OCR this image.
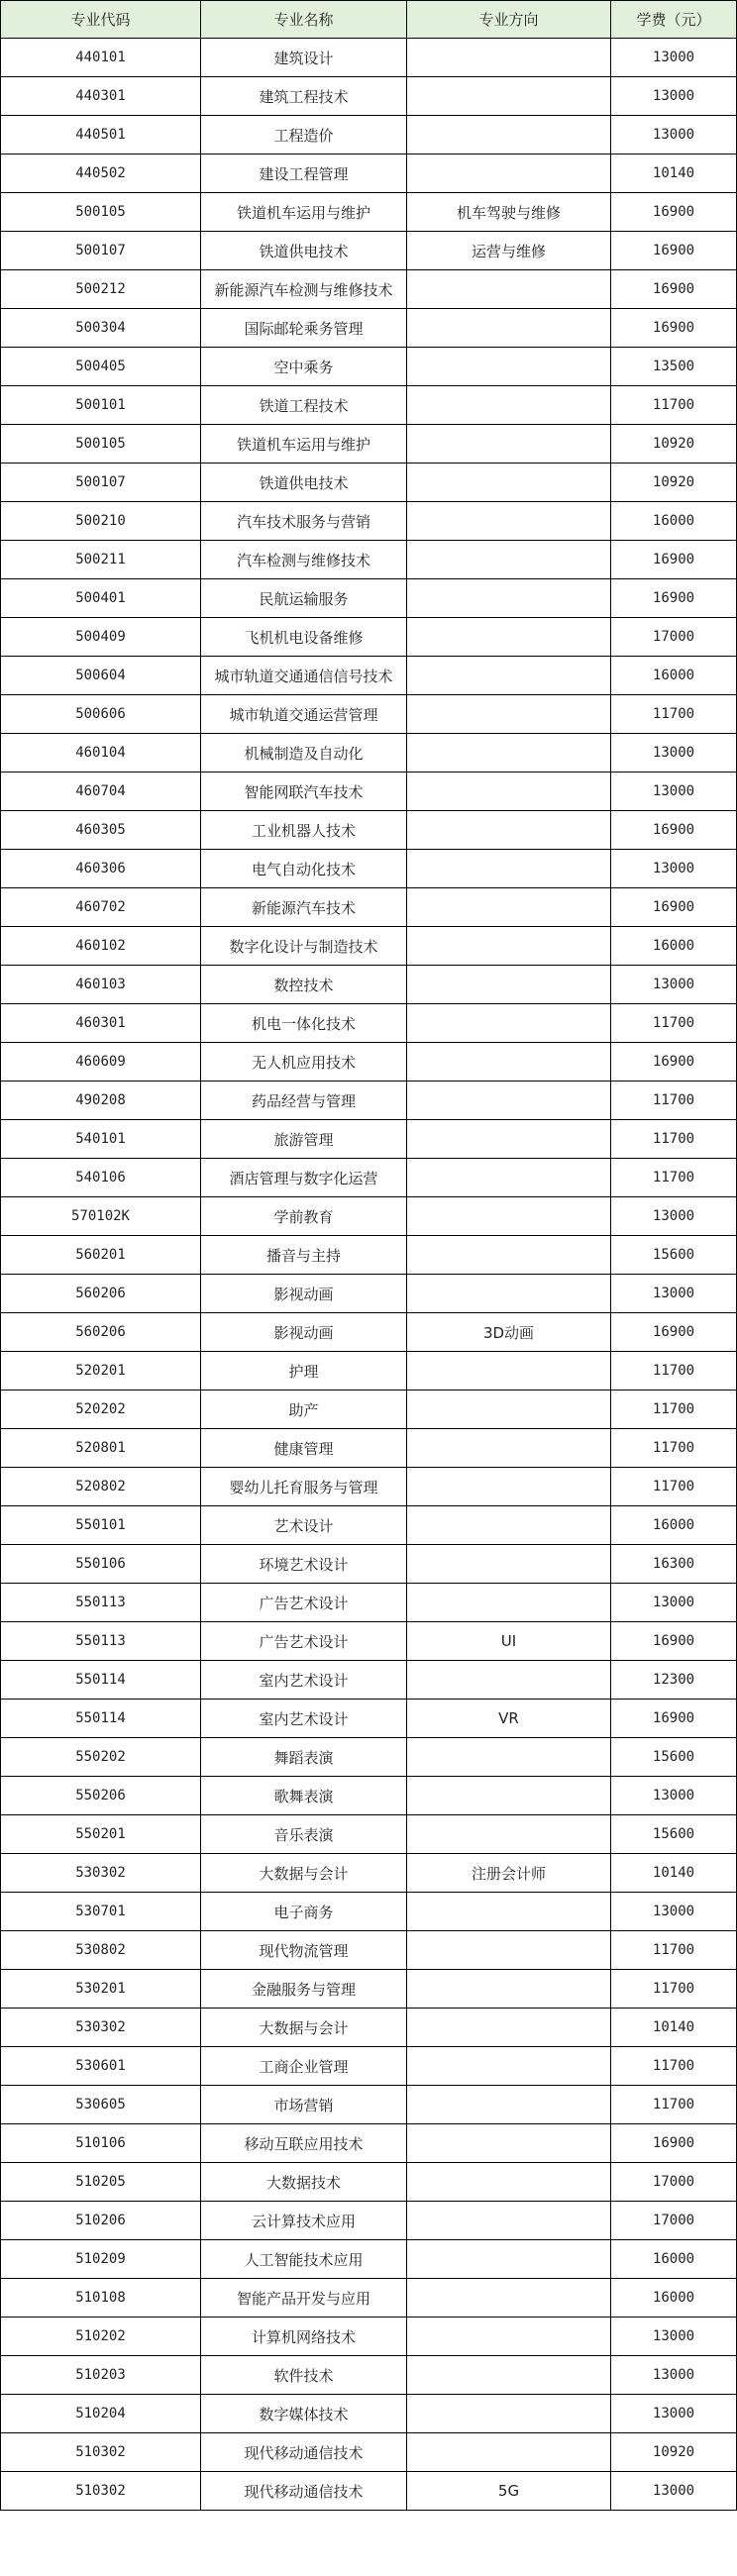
专业代码	专业名称	专业方向	学费（元）
440101	建筑设计		13000
440301	建筑工程技术		13000
440501	工程造价		13000
440502	建设工程管理		10140
500105	铁道机车运用与维护	机车驾驶与维修	16900
500107	铁道供电技术	运营与维修	16900
500212	新能源汽车检测与维修技术		16900
500304	国际邮轮乘务管理		16900
500405	空中乘务		13500
500101	铁道工程技术		11700
500105	铁道机车运用与维护		10920
500107	铁道供电技术		10920
500210	汽车技术服务与营销		16000
500211	汽车检测与维修技术		16900
500401	民航运输服务		16900
500409	飞机机电设备维修		17000
500604	城市轨道交通通信信号技术		16000
500606	城市轨道交通运营管理		11700
460104	机械制造及自动化		13000
460704	智能网联汽车技术		13000
460305	工业机器人技术		16900
460306	电气自动化技术		13000
460702	新能源汽车技术		16900
460102	数字化设计与制造技术		16000
460103	数控技术		13000
460301	机电一体化技术		11700
460609	无人机应用技术		16900
490208	药品经营与管理		11700
540101	旅游管理		11700
540106	酒店管理与数字化运营		11700
570102K	学前教育		13000
560201	播音与主持		15600
560206	影视动画		13000
560206	影视动画	3D动画	16900
520201	护理		11700
520202	助产		11700
520801	健康管理		11700
520802	婴幼儿托育服务与管理		11700
550101	艺术设计		16000
550106	环境艺术设计		16300
550113	广告艺术设计		13000
550113	广告艺术设计	UI	16900
550114	室内艺术设计		12300
550114	室内艺术设计	VR	16900
550202	舞蹈表演		15600
550206	歌舞表演		13000
550201	音乐表演		15600
530302	大数据与会计	注册会计师	10140
530701	电子商务		13000
530802	现代物流管理		11700
530201	金融服务与管理		11700
530302	大数据与会计		10140
530601	工商企业管理		11700
530605	市场营销		11700
510106	移动互联应用技术		16900
510205	大数据技术		17000
510206	云计算技术应用		17000
510209	人工智能技术应用		16000
510108	智能产品开发与应用		16000
510202	计算机网络技术		13000
510203	软件技术		13000
510204	数字媒体技术		13000
510302	现代移动通信技术		10920
510302	现代移动通信技术	5G	13000
